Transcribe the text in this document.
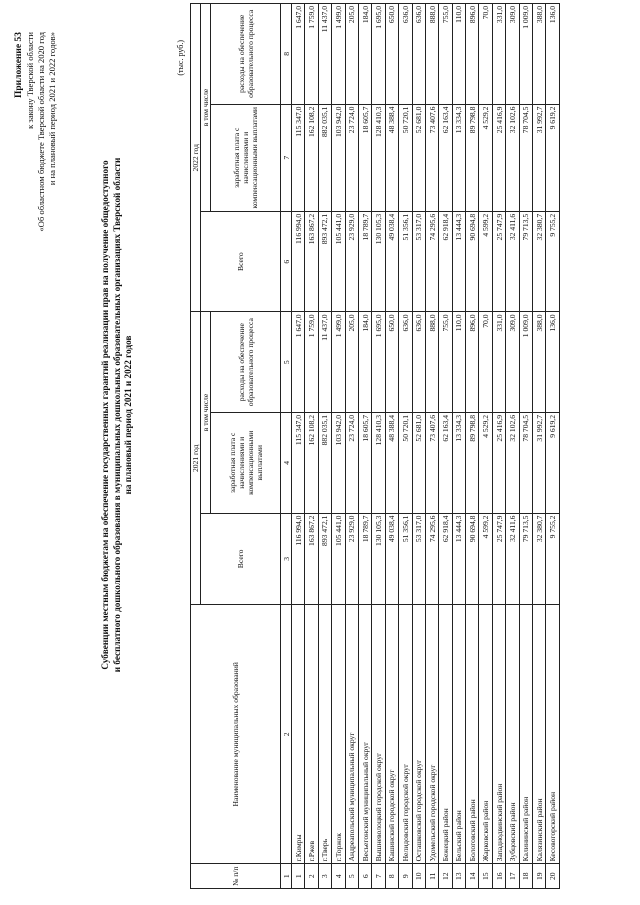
Приложение 53 к закону Тверской области «Об областном бюджете Тверской области на 2020 год и на плановый период 2021 и 2022 годов»
Субвенции местным бюджетам на обеспечение государственных гарантий реализации прав на получение общедоступного и бесплатного дошкольного образования в муниципальных дошкольных образовательных организациях Тверской области на плановый период 2021 и 2022 годов
(тыс. руб.)
№ п/п	Наименование муниципальных образований	2021 год			2022 год		
		Всего	в том числе		Всего	в том числе	
			заработная плата с начислениями и компенсационными выплатами	расходы на обеспечение образовательного процесса		заработная плата с начислениями и компенсационными выплатами	расходы на обеспечение образовательного процесса
1	2	3	4	5	6	7	8
1	г.Кимры	116 994,0	115 347,0	1 647,0	116 994,0	115 347,0	1 647,0
2	г.Ржев	163 867,2	162 108,2	1 759,0	163 867,2	162 108,2	1 759,0
3	г.Тверь	893 472,1	882 035,1	11 437,0	893 472,1	882 035,1	11 437,0
4	г.Торжок	105 441,0	103 942,0	1 499,0	105 441,0	103 942,0	1 499,0
5	Андреапольский муниципальный округ	23 929,0	23 724,0	205,0	23 929,0	23 724,0	205,0
6	Весьегонский муниципальный округ	18 789,7	18 605,7	184,0	18 789,7	18 605,7	184,0
7	Вышневолоцкий городской округ	130 105,3	128 410,3	1 695,0	130 105,3	128 410,3	1 695,0
8	Кашинский городской округ	49 038,4	48 388,4	650,0	49 038,4	48 388,4	650,0
9	Нелидовский городской округ	51 356,1	50 720,1	636,0	51 356,1	50 720,1	636,0
10	Осташковский городской округ	53 317,0	52 681,0	636,0	53 317,0	52 681,0	636,0
11	Удомельский городской округ	74 295,6	73 407,6	888,0	74 295,6	73 407,6	888,0
12	Бежецкий район	62 918,4	62 163,4	755,0	62 918,4	62 163,4	755,0
13	Бельский район	13 444,3	13 334,3	110,0	13 444,3	13 334,3	110,0
14	Бологовский район	90 694,8	89 798,8	896,0	90 694,8	89 798,8	896,0
15	Жарковский район	4 599,2	4 529,2	70,0	4 599,2	4 529,2	70,0
16	Западнодвинский район	25 747,9	25 416,9	331,0	25 747,9	25 416,9	331,0
17	Зубцовский район	32 411,6	32 102,6	309,0	32 411,6	32 102,6	309,0
18	Калининский район	79 713,5	78 704,5	1 009,0	79 713,5	78 704,5	1 009,0
19	Калязинский район	32 380,7	31 992,7	388,0	32 380,7	31 992,7	388,0
20	Кесовогорский район	9 755,2	9 619,2	136,0	9 755,2	9 619,2	136,0
